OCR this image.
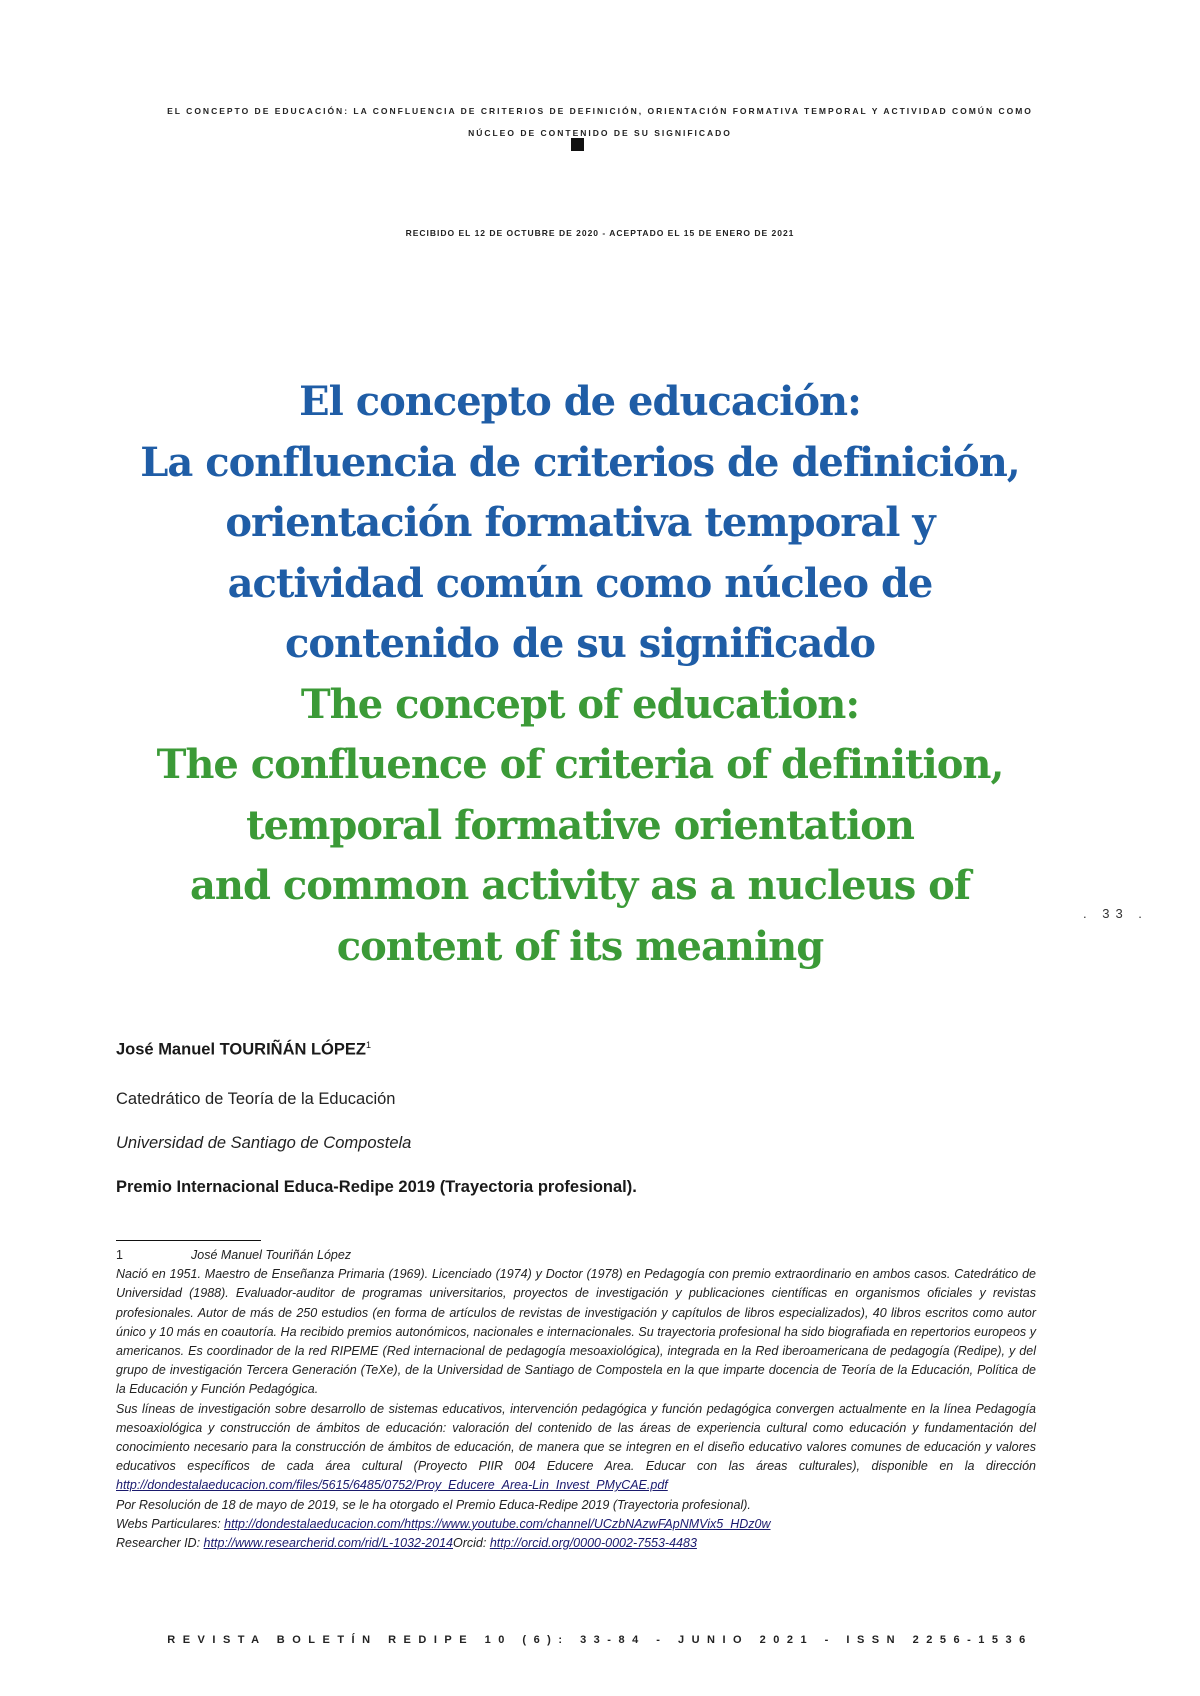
EL CONCEPTO DE EDUCACIÓN: LA CONFLUENCIA DE CRITERIOS DE DEFINICIÓN, ORIENTACIÓN FORMATIVA TEMPORAL Y ACTIVIDAD COMÚN COMO
NÚCLEO DE CONTENIDO DE SU SIGNIFICADO
RECIBIDO EL 12 DE OCTUBRE DE 2020 - ACEPTADO EL 15 DE ENERO DE 2021
El concepto de educación:
La confluencia de criterios de definición,
orientación formativa temporal y
actividad común como núcleo de
contenido de su significado
The concept of education:
The confluence of criteria of definition,
temporal formative orientation
and common activity as a nucleus of
content of its meaning
. 33 .

José Manuel TOURIÑÁN LÓPEZ$^1$

Catedrático de Teoría de la Educación

Universidad de Santiago de Compostela

Premio Internacional Educa-Redipe 2019 (Trayectoria profesional).

1	José Manuel Touriñán López

Nació en 1951. Maestro de Enseñanza Primaria (1969). Licenciado (1974) y Doctor (1978) en Pedagogía con premio extraordinario en ambos casos. Catedrático de Universidad (1988). Evaluador-auditor de programas universitarios, proyectos de investigación y publicaciones científicas en organismos oficiales y revistas profesionales. Autor de más de 250 estudios (en forma de artículos de revistas de investigación y capítulos de libros especializados), 40 libros escritos como autor único y 10 más en coautoría. Ha recibido premios autonómicos, nacionales e internacionales. Su trayectoria profesional ha sido biografiada en repertorios europeos y americanos. Es coordinador de la red RIPEME (Red internacional de pedagogía mesoaxiológica), integrada en la Red iberoamericana de pedagogía (Redipe), y del grupo de investigación Tercera Generación (TeXe), de la Universidad de Santiago de Compostela en la que imparte docencia de Teoría de la Educación, Política de la Educación y Función Pedagógica.

Sus líneas de investigación sobre desarrollo de sistemas educativos, intervención pedagógica y función pedagógica convergen actualmente en la línea Pedagogía mesoaxiológica y construcción de ámbitos de educación: valoración del contenido de las áreas de experiencia cultural como educación y fundamentación del conocimiento necesario para la construcción de ámbitos de educación, de manera que se integren en el diseño educativo valores comunes de educación y valores educativos específicos de cada área cultural (Proyecto PIIR 004 Educere Area. Educar con las áreas culturales), disponible en la dirección http://dondestalaeducacion.com/files/5615/6485/0752/Proy_Educere_Area-Lin_Invest_PMyCAE.pdf

Por Resolución de 18 de mayo de 2019, se le ha otorgado el Premio Educa-Redipe 2019 (Trayectoria profesional).

Webs Particulares: http://dondestalaeducacion.com/https://www.youtube.com/channel/UCzbNAzwFApNMVix5_HDz0w

Researcher ID: http://www.researcherid.com/rid/L-1032-2014Orcid: http://orcid.org/0000-0002-7553-4483

REVISTA BOLETÍN REDIPE 10 (6): 33-84 - JUNIO 2021 - ISSN 2256-1536
